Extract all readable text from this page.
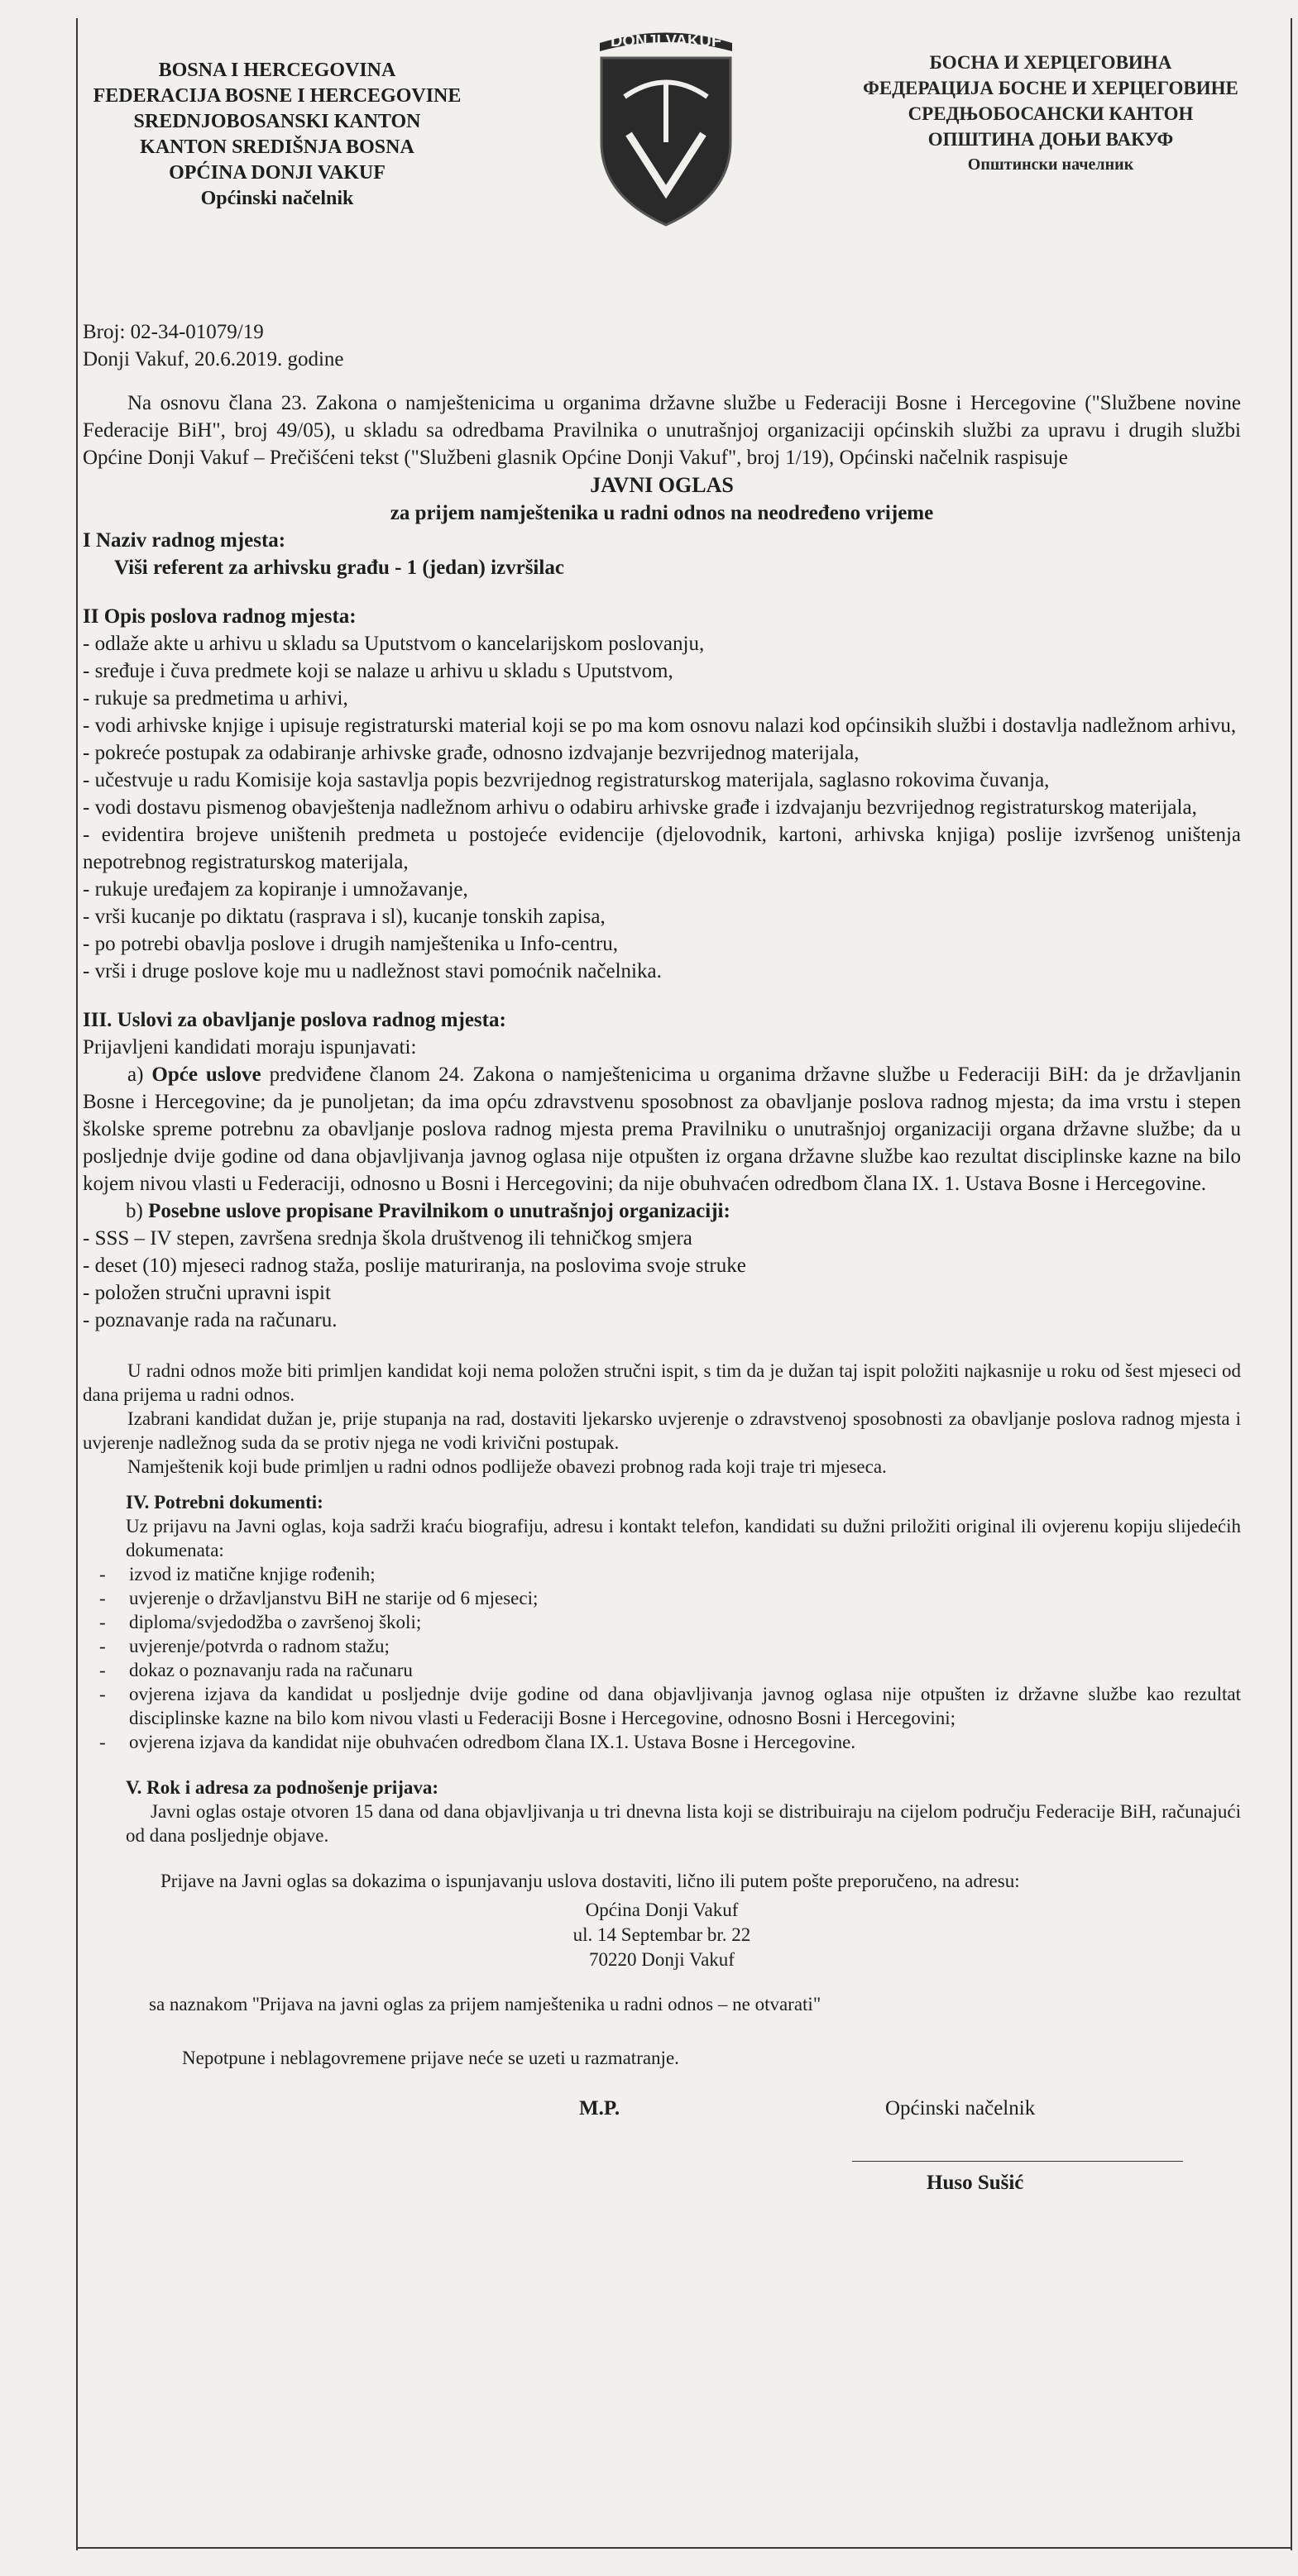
BOSNA I HERCEGOVINA
FEDERACIJA BOSNE I HERCEGOVINE
SREDNJOBOSANSKI KANTON
KANTON SREDIŠNJA BOSNA
OPĆINA DONJI VAKUF
Općinski načelnik
DONJI VAKUF
БОСНА И ХЕРЦЕГОВИНА
ФЕДЕРАЦИЈА БОСНЕ И ХЕРЦЕГОВИНЕ
СРЕДЊОБОСАНСКИ КАНТОН
ОПШТИНА ДОЊИ ВАКУФ
Општински начелник

Broj: 02-34-01079/19
Donji Vakuf, 20.6.2019. godine

Na osnovu člana 23. Zakona o namještenicima u organima državne službe u Federaciji Bosne i Hercegovine ("Službene novine Federacije BiH", broj 49/05), u skladu sa odredbama Pravilnika o unutrašnjoj organizaciji općinskih službi za upravu i drugih službi Općine Donji Vakuf – Prečišćeni tekst ("Službeni glasnik Općine Donji Vakuf", broj 1/19), Općinski načelnik raspisuje

JAVNI OGLAS

za prijem namještenika u radni odnos na neodređeno vrijeme

I Naziv radnog mjesta:

Viši referent za arhivsku građu - 1 (jedan) izvršilac

II Opis poslova radnog mjesta:

- odlaže akte u arhivu u skladu sa Uputstvom o kancelarijskom poslovanju,
- sređuje i čuva predmete koji se nalaze u arhivu u skladu s Uputstvom,
- rukuje sa predmetima u arhivi,
- vodi arhivske knjige i upisuje registraturski material koji se po ma kom osnovu nalazi kod općinsikih službi i dostavlja nadležnom arhivu,
- pokreće postupak za odabiranje arhivske građe, odnosno izdvajanje bezvrijednog materijala,
- učestvuje u radu Komisije koja sastavlja popis bezvrijednog registraturskog materijala, saglasno rokovima čuvanja,
- vodi dostavu pismenog obavještenja nadležnom arhivu o odabiru arhivske građe i izdvajanju bezvrijednog registraturskog materijala,
- evidentira brojeve uništenih predmeta u postojeće evidencije (djelovodnik, kartoni, arhivska knjiga) poslije izvršenog uništenja nepotrebnog registraturskog materijala,
- rukuje uređajem za kopiranje i umnožavanje,
- vrši kucanje po diktatu (rasprava i sl), kucanje tonskih zapisa,
- po potrebi obavlja poslove i drugih namještenika u Info-centru,
- vrši i druge poslove koje mu u nadležnost stavi pomoćnik načelnika.

III. Uslovi za obavljanje poslova radnog mjesta:

Prijavljeni kandidati moraju ispunjavati:

a) Opće uslove predviđene članom 24. Zakona o namještenicima u organima državne službe u Federaciji BiH: da je državljanin Bosne i Hercegovine; da je punoljetan; da ima opću zdravstvenu sposobnost za obavljanje poslova radnog mjesta; da ima vrstu i stepen školske spreme potrebnu za obavljanje poslova radnog mjesta prema Pravilniku o unutrašnjoj organizaciji organa državne službe; da u posljednje dvije godine od dana objavljivanja javnog oglasa nije otpušten iz organa državne službe kao rezultat disciplinske kazne na bilo kojem nivou vlasti u Federaciji, odnosno u Bosni i Hercegovini; da nije obuhvaćen odredbom člana IX. 1. Ustava Bosne i Hercegovine.

b) Posebne uslove propisane Pravilnikom o unutrašnjoj organizaciji:

- SSS – IV stepen, završena srednja škola društvenog ili tehničkog smjera
- deset (10) mjeseci radnog staža, poslije maturiranja, na poslovima svoje struke
- položen stručni upravni ispit
- poznavanje rada na računaru.

U radni odnos može biti primljen kandidat koji nema položen stručni ispit, s tim da je dužan taj ispit položiti najkasnije u roku od šest mjeseci od dana prijema u radni odnos.

Izabrani kandidat dužan je, prije stupanja na rad, dostaviti ljekarsko uvjerenje o zdravstvenoj sposobnosti za obavljanje poslova radnog mjesta i uvjerenje nadležnog suda da se protiv njega ne vodi krivični postupak.

Namještenik koji bude primljen u radni odnos podliježe obavezi probnog rada koji traje tri mjeseca.

IV. Potrebni dokumenti:

Uz prijavu na Javni oglas, koja sadrži kraću biografiju, adresu i kontakt telefon, kandidati su dužni priložiti original ili ovjerenu kopiju slijedećih dokumenata:

- izvod iz matične knjige rođenih;
- uvjerenje o državljanstvu BiH ne starije od 6 mjeseci;
- diploma/svjedodžba o završenoj školi;
- uvjerenje/potvrda o radnom stažu;
- dokaz o poznavanju rada na računaru
- ovjerena izjava da kandidat u posljednje dvije godine od dana objavljivanja javnog oglasa nije otpušten iz državne službe kao rezultat disciplinske kazne na bilo kom nivou vlasti u Federaciji Bosne i Hercegovine, odnosno Bosni i Hercegovini;
- ovjerena izjava da kandidat nije obuhvaćen odredbom člana IX.1. Ustava Bosne i Hercegovine.

V. Rok i adresa za podnošenje prijava:

Javni oglas ostaje otvoren 15 dana od dana objavljivanja u tri dnevna lista koji se distribuiraju na cijelom području Federacije BiH, računajući od dana posljednje objave.

Prijave na Javni oglas sa dokazima o ispunjavanju uslova dostaviti, lično ili putem pošte preporučeno, na adresu:

Općina Donji Vakuf
ul. 14 Septembar br. 22
70220 Donji Vakuf

sa naznakom ''Prijava na javni oglas za prijem namještenika u radni odnos – ne otvarati"

Nepotpune i neblagovremene prijave neće se uzeti u razmatranje.

M.P.	Općinski načelnik
Huso Sušić
